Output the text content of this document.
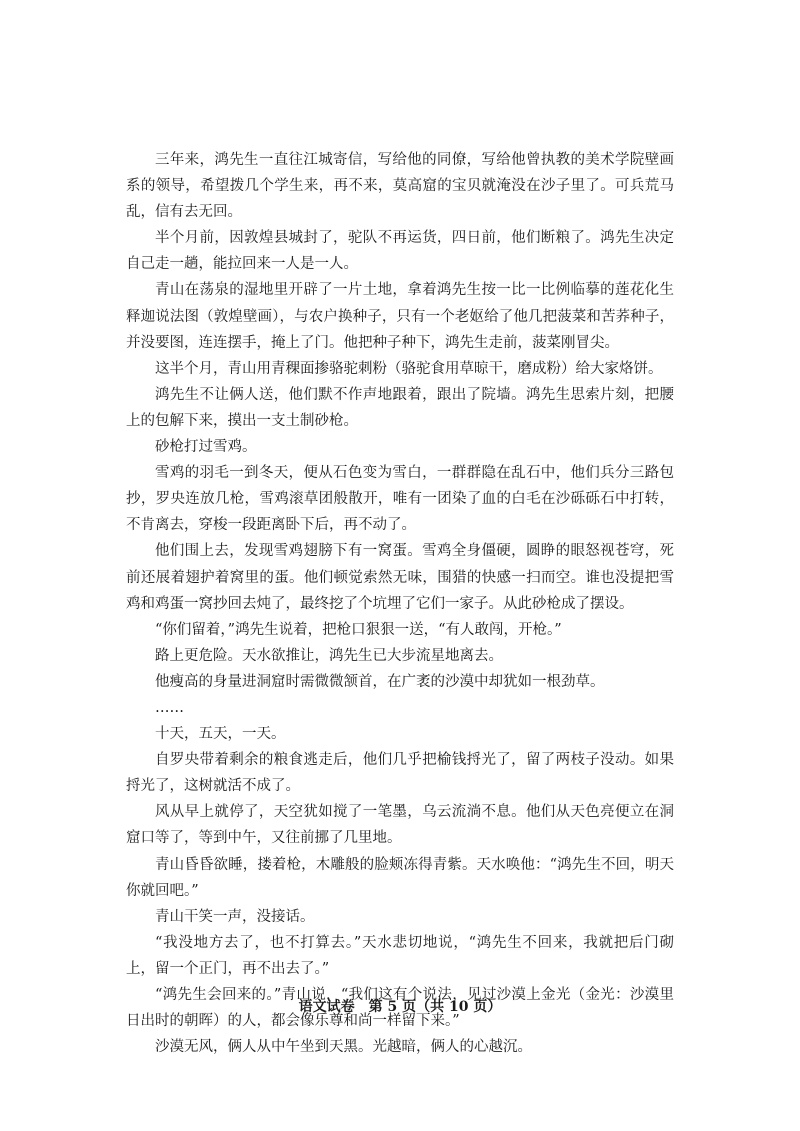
三年来，鸿先生一直往江城寄信，写给他的同僚，写给他曾执教的美术学院壁画系的领导，希望拨几个学生来，再不来，莫高窟的宝贝就淹没在沙子里了。可兵荒马乱，信有去无回。

半个月前，因敦煌县城封了，驼队不再运货，四日前，他们断粮了。鸿先生决定自己走一趟，能拉回来一人是一人。

青山在荡泉的湿地里开辟了一片土地，拿着鸿先生按一比一比例临摹的莲花化生释迦说法图（敦煌壁画），与农户换种子，只有一个老妪给了他几把菠菜和苦荞种子，并没要图，连连摆手，掩上了门。他把种子种下，鸿先生走前，菠菜刚冒尖。

这半个月，青山用青稞面掺骆驼刺粉（骆驼食用草晾干，磨成粉）给大家烙饼。

鸿先生不让俩人送，他们默不作声地跟着，跟出了院墙。鸿先生思索片刻，把腰上的包解下来，摸出一支土制砂枪。

砂枪打过雪鸡。

雪鸡的羽毛一到冬天，便从石色变为雪白，一群群隐在乱石中，他们兵分三路包抄，罗央连放几枪，雪鸡滚草团般散开，唯有一团染了血的白毛在沙砾砾石中打转，不肯离去，穿梭一段距离卧下后，再不动了。

他们围上去，发现雪鸡翅膀下有一窝蛋。雪鸡全身僵硬，圆睁的眼怒视苍穹，死前还展着翅护着窝里的蛋。他们顿觉索然无味，围猎的快感一扫而空。谁也没提把雪鸡和鸡蛋一窝抄回去炖了，最终挖了个坑埋了它们一家子。从此砂枪成了摆设。

“你们留着，”鸿先生说着，把枪口狠狠一送，“有人敢闯，开枪。”

路上更危险。天水欲推让，鸿先生已大步流星地离去。

他瘦高的身量进洞窟时需微微颔首，在广袤的沙漠中却犹如一根劲草。

……

十天，五天，一天。

自罗央带着剩余的粮食逃走后，他们几乎把榆钱捋光了，留了两枝子没动。如果捋光了，这树就活不成了。

风从早上就停了，天空犹如搅了一笔墨，乌云流淌不息。他们从天色亮便立在洞窟口等了，等到中午，又往前挪了几里地。

青山昏昏欲睡，搂着枪，木雕般的脸颊冻得青紫。天水唤他：“鸿先生不回，明天你就回吧。”

青山干笑一声，没接话。

“我没地方去了，也不打算去。”天水悲切地说，“鸿先生不回来，我就把后门砌上，留一个正门，再不出去了。”

“鸿先生会回来的。”青山说，“我们这有个说法，见过沙漠上金光（金光：沙漠里日出时的朝晖）的人，都会像乐尊和尚一样留下来。”

沙漠无风，俩人从中午坐到天黑。光越暗，俩人的心越沉。

语文试卷　第 5 页（共 10 页）
